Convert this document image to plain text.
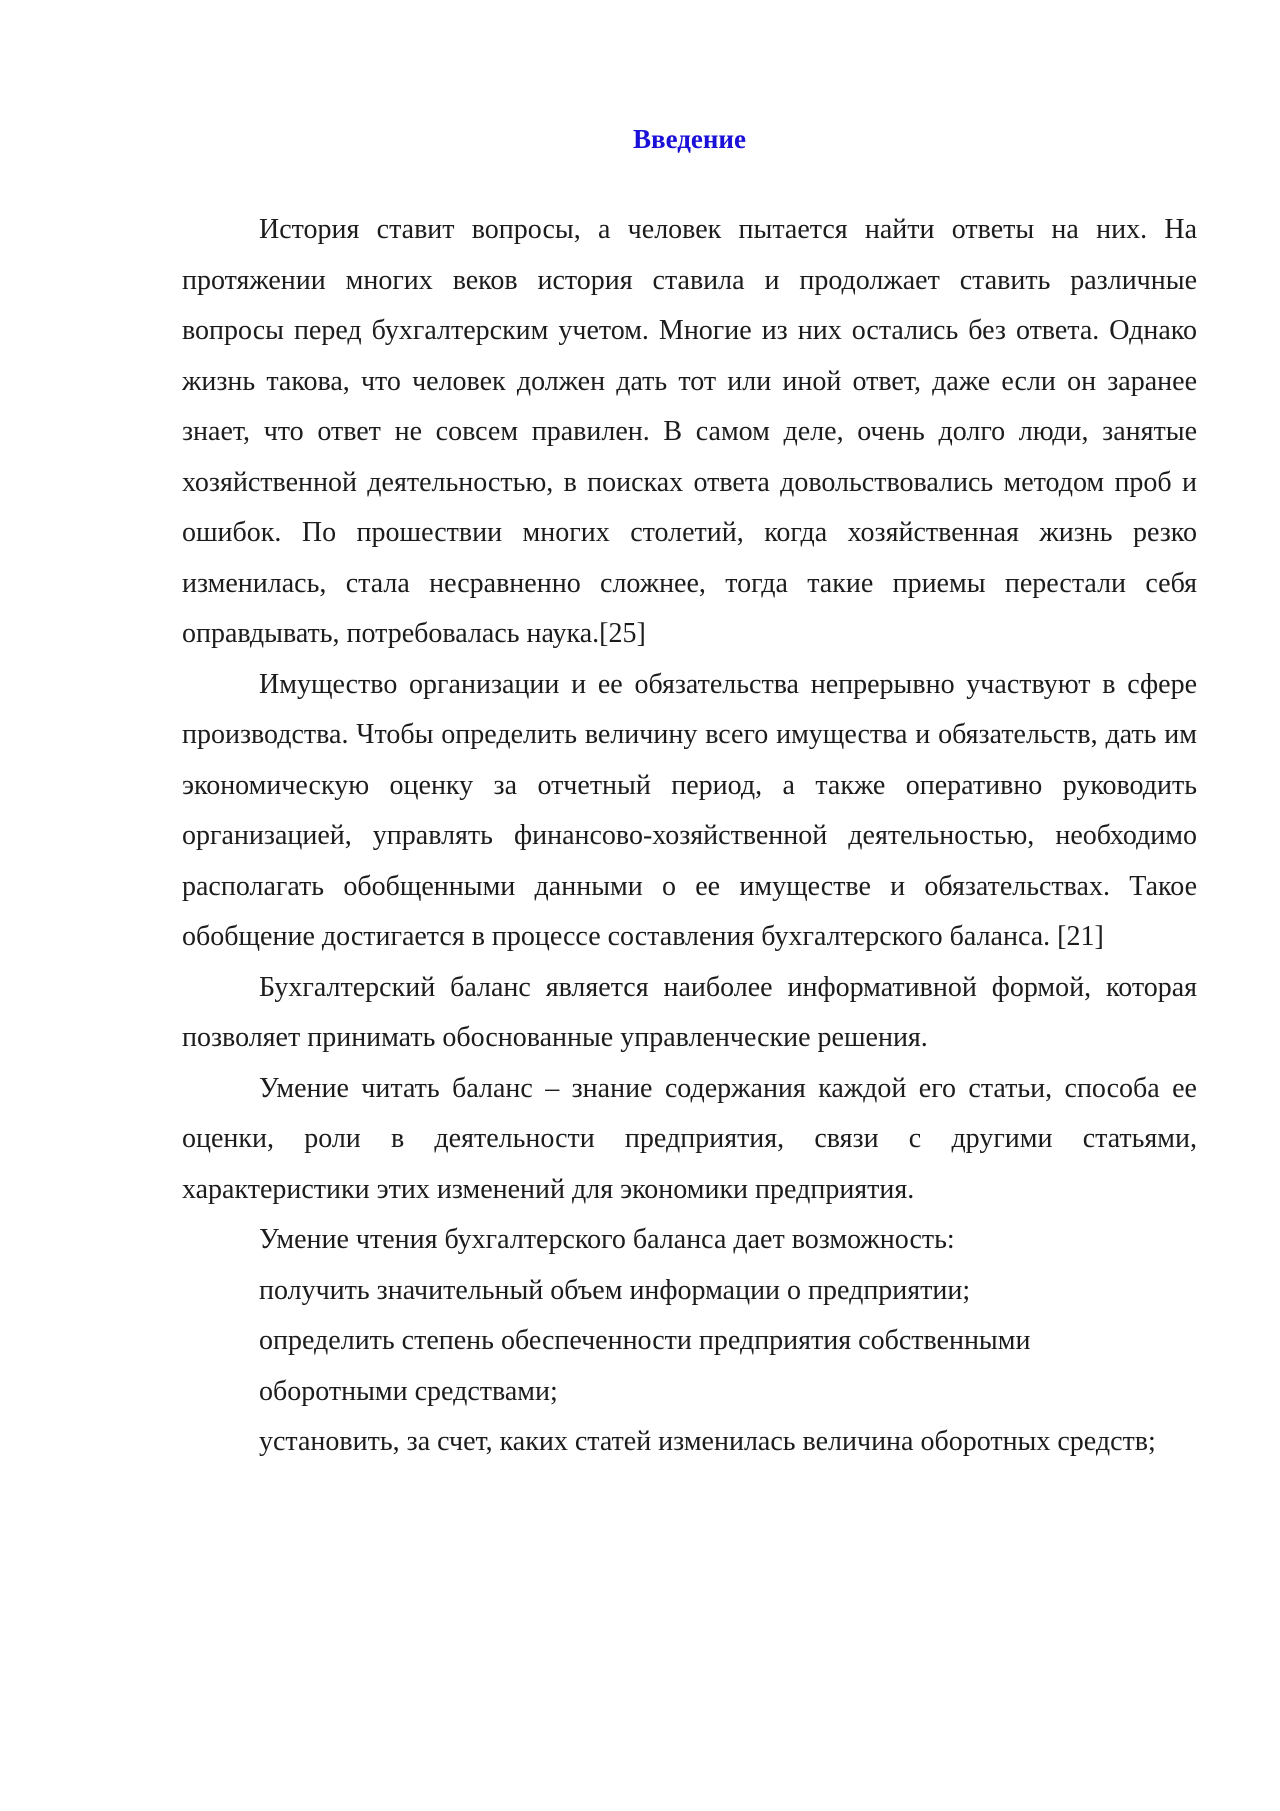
Введение

История ставит вопросы, а человек пытается найти ответы на них. На протяжении многих веков история ставила и продолжает ставить различные вопросы перед бухгалтерским учетом. Многие из них остались без ответа. Однако жизнь такова, что человек должен дать тот или иной ответ, даже если он заранее знает, что ответ не совсем правилен. В самом деле, очень долго люди, занятые хозяйственной деятельностью, в поисках ответа довольствовались методом проб и ошибок. По прошествии многих столетий, когда хозяйственная жизнь резко изменилась, стала несравненно сложнее, тогда такие приемы перестали себя оправдывать, потребовалась наука.[25]

Имущество организации и ее обязательства непрерывно участвуют в сфере производства. Чтобы определить величину всего имущества и обязательств, дать им экономическую оценку за отчетный период, а также оперативно руководить организацией, управлять финансово-хозяйственной деятельностью, необходимо располагать обобщенными данными о ее имуществе и обязательствах. Такое обобщение достигается в процессе составления бухгалтерского баланса. [21]

Бухгалтерский баланс является наиболее информативной формой, которая позволяет принимать обоснованные управленческие решения.

Умение читать баланс – знание содержания каждой его статьи, способа ее оценки, роли в деятельности предприятия, связи с другими статьями, характеристики этих изменений для экономики предприятия.

Умение чтения бухгалтерского баланса дает возможность:

получить значительный объем информации о предприятии;
определить степень обеспеченности предприятия собственными оборотными средствами;
установить, за счет, каких статей изменилась величина оборотных средств;
